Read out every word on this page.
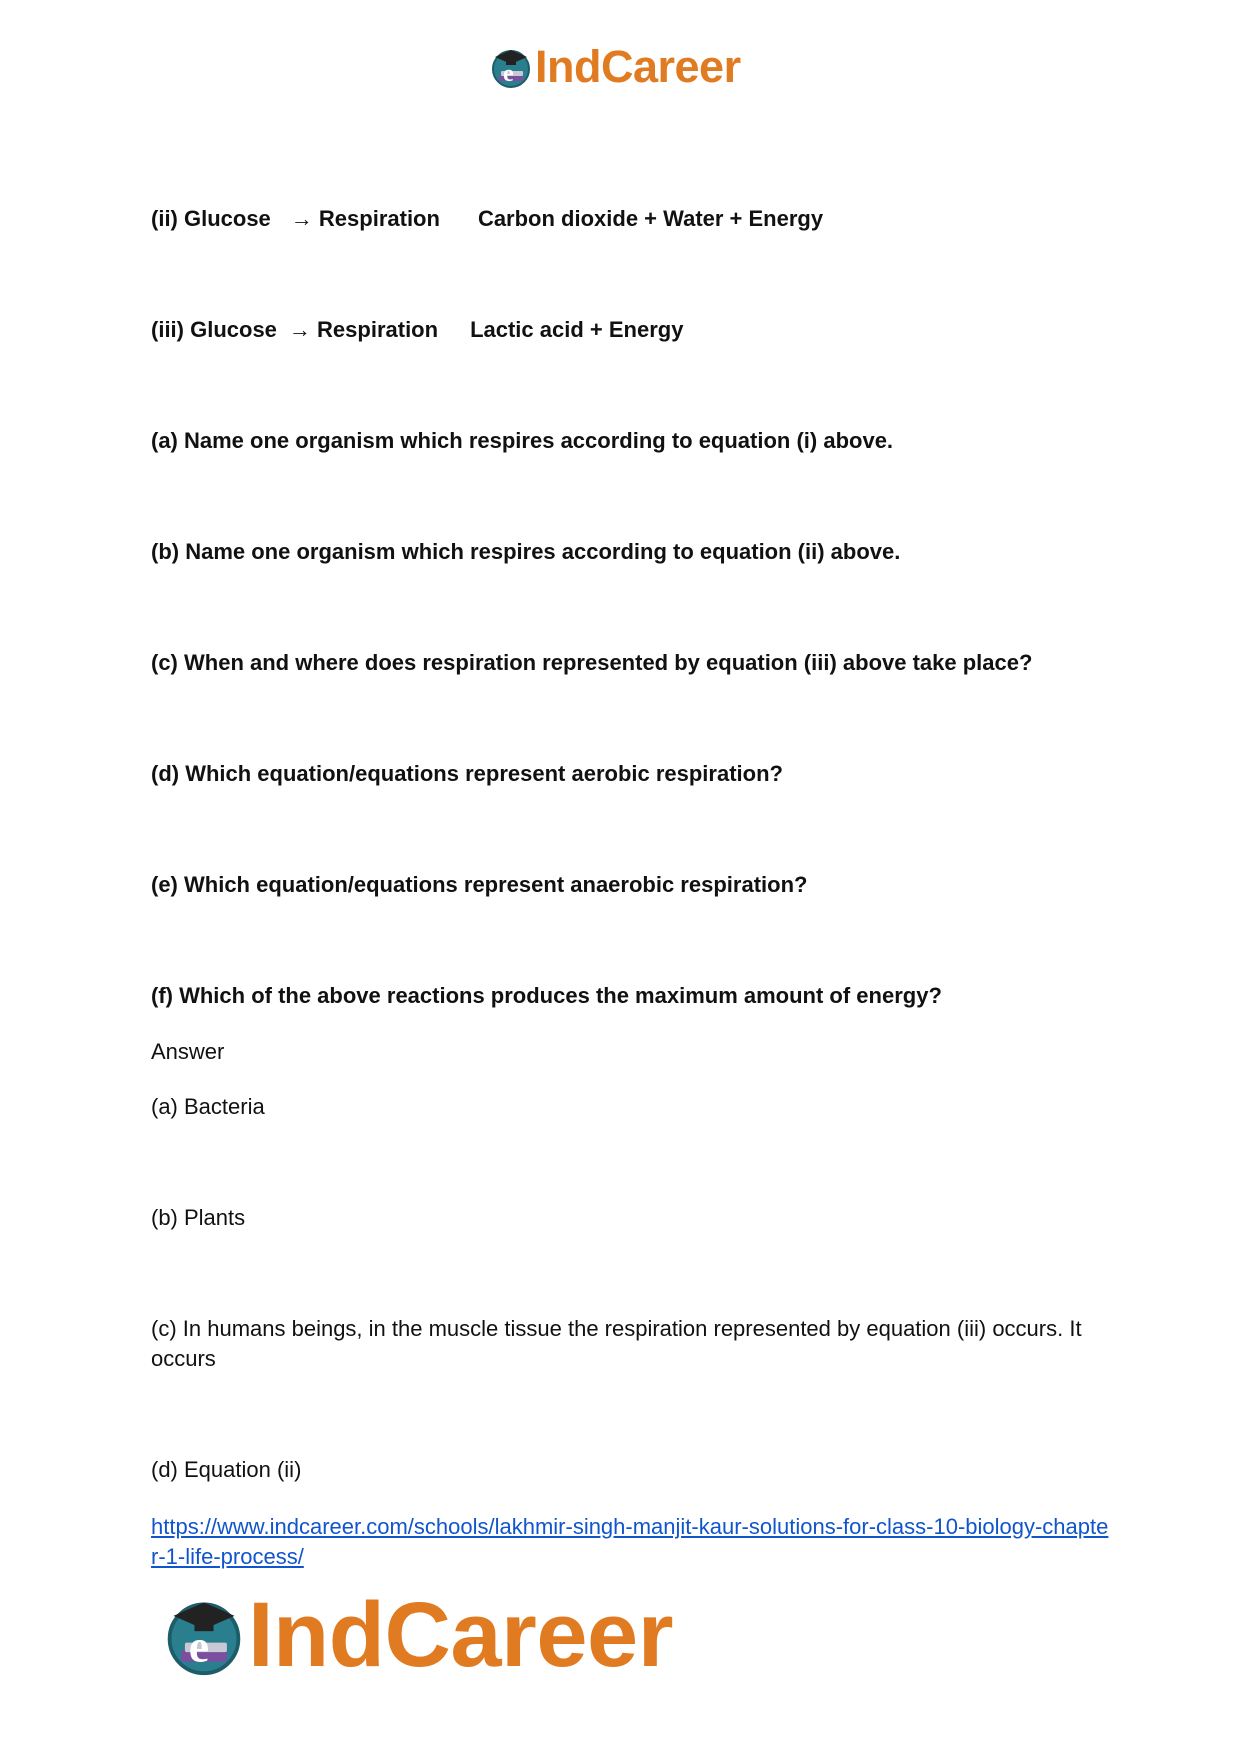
e IndCareer

(ii) Glucose → Respiration Carbon dioxide + Water + Energy

(iii) Glucose → Respiration Lactic acid + Energy

(a) Name one organism which respires according to equation (i) above.

(b) Name one organism which respires according to equation (ii) above.

(c) When and where does respiration represented by equation (iii) above take place?

(d) Which equation/equations represent aerobic respiration?

(e) Which equation/equations represent anaerobic respiration?

(f) Which of the above reactions produces the maximum amount of energy?

Answer

(a) Bacteria

(b) Plants

(c) In humans beings, in the muscle tissue the respiration represented by equation (iii) occurs. It occurs

(d) Equation (ii)

https://www.indcareer.com/schools/lakhmir-singh-manjit-kaur-solutions-for-class-10-biology-chapter-1-life-process/
e IndCareer
